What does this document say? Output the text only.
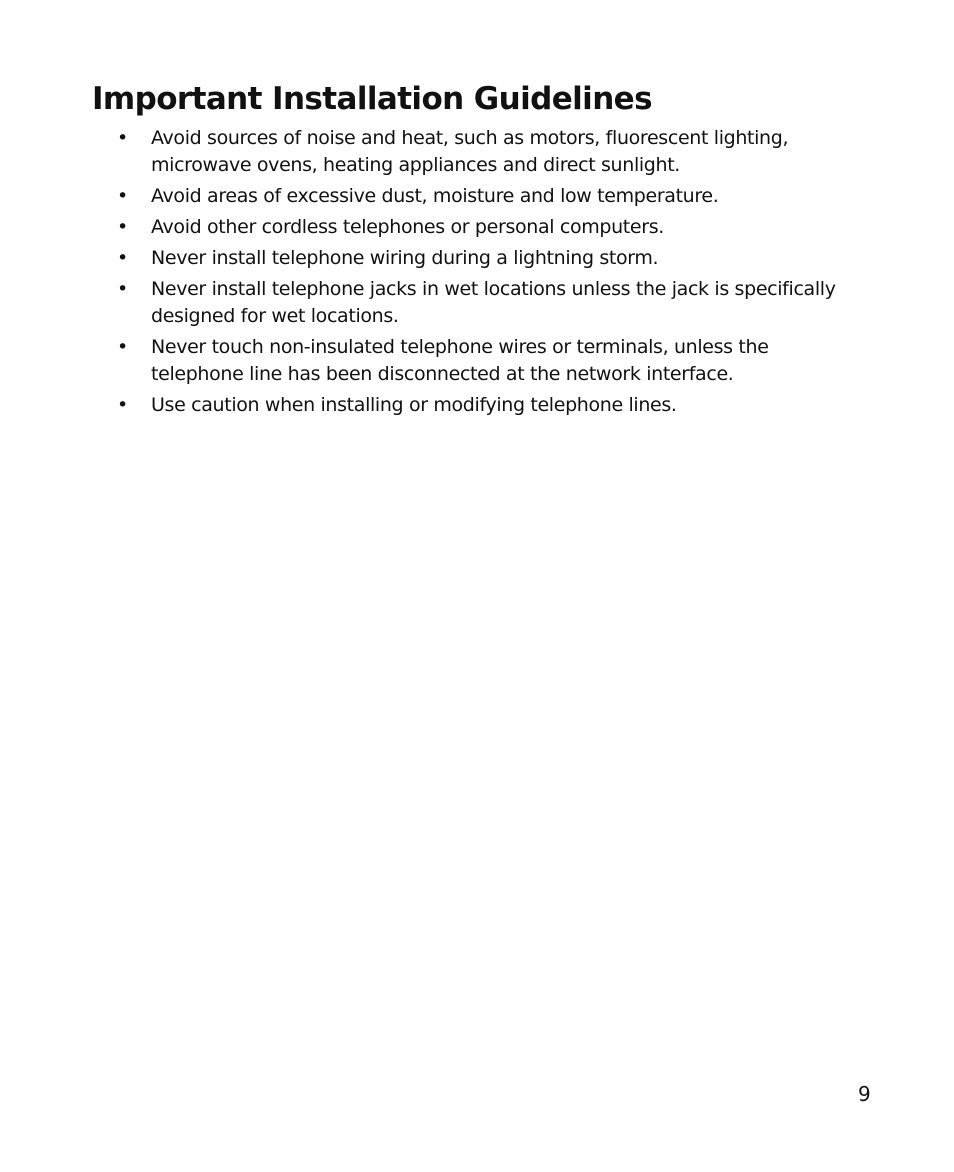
Important Installation Guidelines
• Avoid sources of noise and heat, such as motors, fluorescent lighting, microwave ovens, heating appliances and direct sunlight.
• Avoid areas of excessive dust, moisture and low temperature.
• Avoid other cordless telephones or personal computers.
• Never install telephone wiring during a lightning storm.
• Never install telephone jacks in wet locations unless the jack is specifically designed for wet locations.
• Never touch non-insulated telephone wires or terminals, unless the telephone line has been disconnected at the network interface.
• Use caution when installing or modifying telephone lines.
9
